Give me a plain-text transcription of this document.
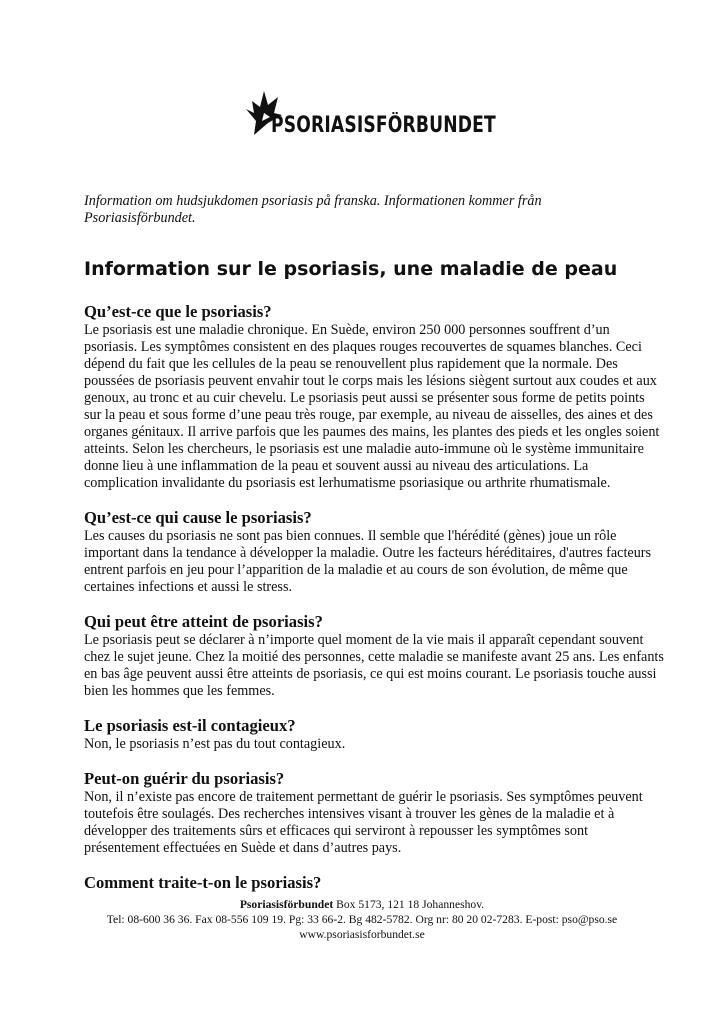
PSORIASISFÖRBUNDET
Information om hudsjukdomen psoriasis på franska. Informationen kommer från Psoriasisförbundet.
Information sur le psoriasis, une maladie de peau
Qu’est-ce que le psoriasis?

Le psoriasis est une maladie chronique. En Suède, environ 250 000 personnes souffrent d’un psoriasis. Les symptômes consistent en des plaques rouges recouvertes de squames blanches. Ceci dépend du fait que les cellules de la peau se renouvellent plus rapidement que la normale. Des poussées de psoriasis peuvent envahir tout le corps mais les lésions siègent surtout aux coudes et aux genoux, au tronc et au cuir chevelu. Le psoriasis peut aussi se présenter sous forme de petits points sur la peau et sous forme d’une peau très rouge, par exemple, au niveau de aisselles, des aines et des organes génitaux. Il arrive parfois que les paumes des mains, les plantes des pieds et les ongles soient atteints. Selon les chercheurs, le psoriasis est une maladie auto-immune où le système immunitaire donne lieu à une inflammation de la peau et souvent aussi au niveau des articulations. La complication invalidante du psoriasis est lerhumatisme psoriasique ou arthrite rhumatismale.

Qu’est-ce qui cause le psoriasis?

Les causes du psoriasis ne sont pas bien connues. Il semble que l'hérédité (gènes) joue un rôle important dans la tendance à développer la maladie. Outre les facteurs héréditaires, d'autres facteurs entrent parfois en jeu pour l’apparition de la maladie et au cours de son évolution, de même que certaines infections et aussi le stress.

Qui peut être atteint de psoriasis?

Le psoriasis peut se déclarer à n’importe quel moment de la vie mais il apparaît cependant souvent chez le sujet jeune. Chez la moitié des personnes, cette maladie se manifeste avant 25 ans. Les enfants en bas âge peuvent aussi être atteints de psoriasis, ce qui est moins courant. Le psoriasis touche aussi bien les hommes que les femmes.

Le psoriasis est-il contagieux?

Non, le psoriasis n’est pas du tout contagieux.

Peut-on guérir du psoriasis?

Non, il n’existe pas encore de traitement permettant de guérir le psoriasis. Ses symptômes peuvent toutefois être soulagés. Des recherches intensives visant à trouver les gènes de la maladie et à développer des traitements sûrs et efficaces qui serviront à repousser les symptômes sont présentement effectuées en Suède et dans d’autres pays.

Comment traite-t-on le psoriasis?
Psoriasisförbundet Box 5173, 121 18 Johanneshov.
Tel: 08-600 36 36. Fax 08-556 109 19. Pg: 33 66-2. Bg 482-5782. Org nr: 80 20 02-7283. E-post: pso@pso.se
www.psoriasisforbundet.se
